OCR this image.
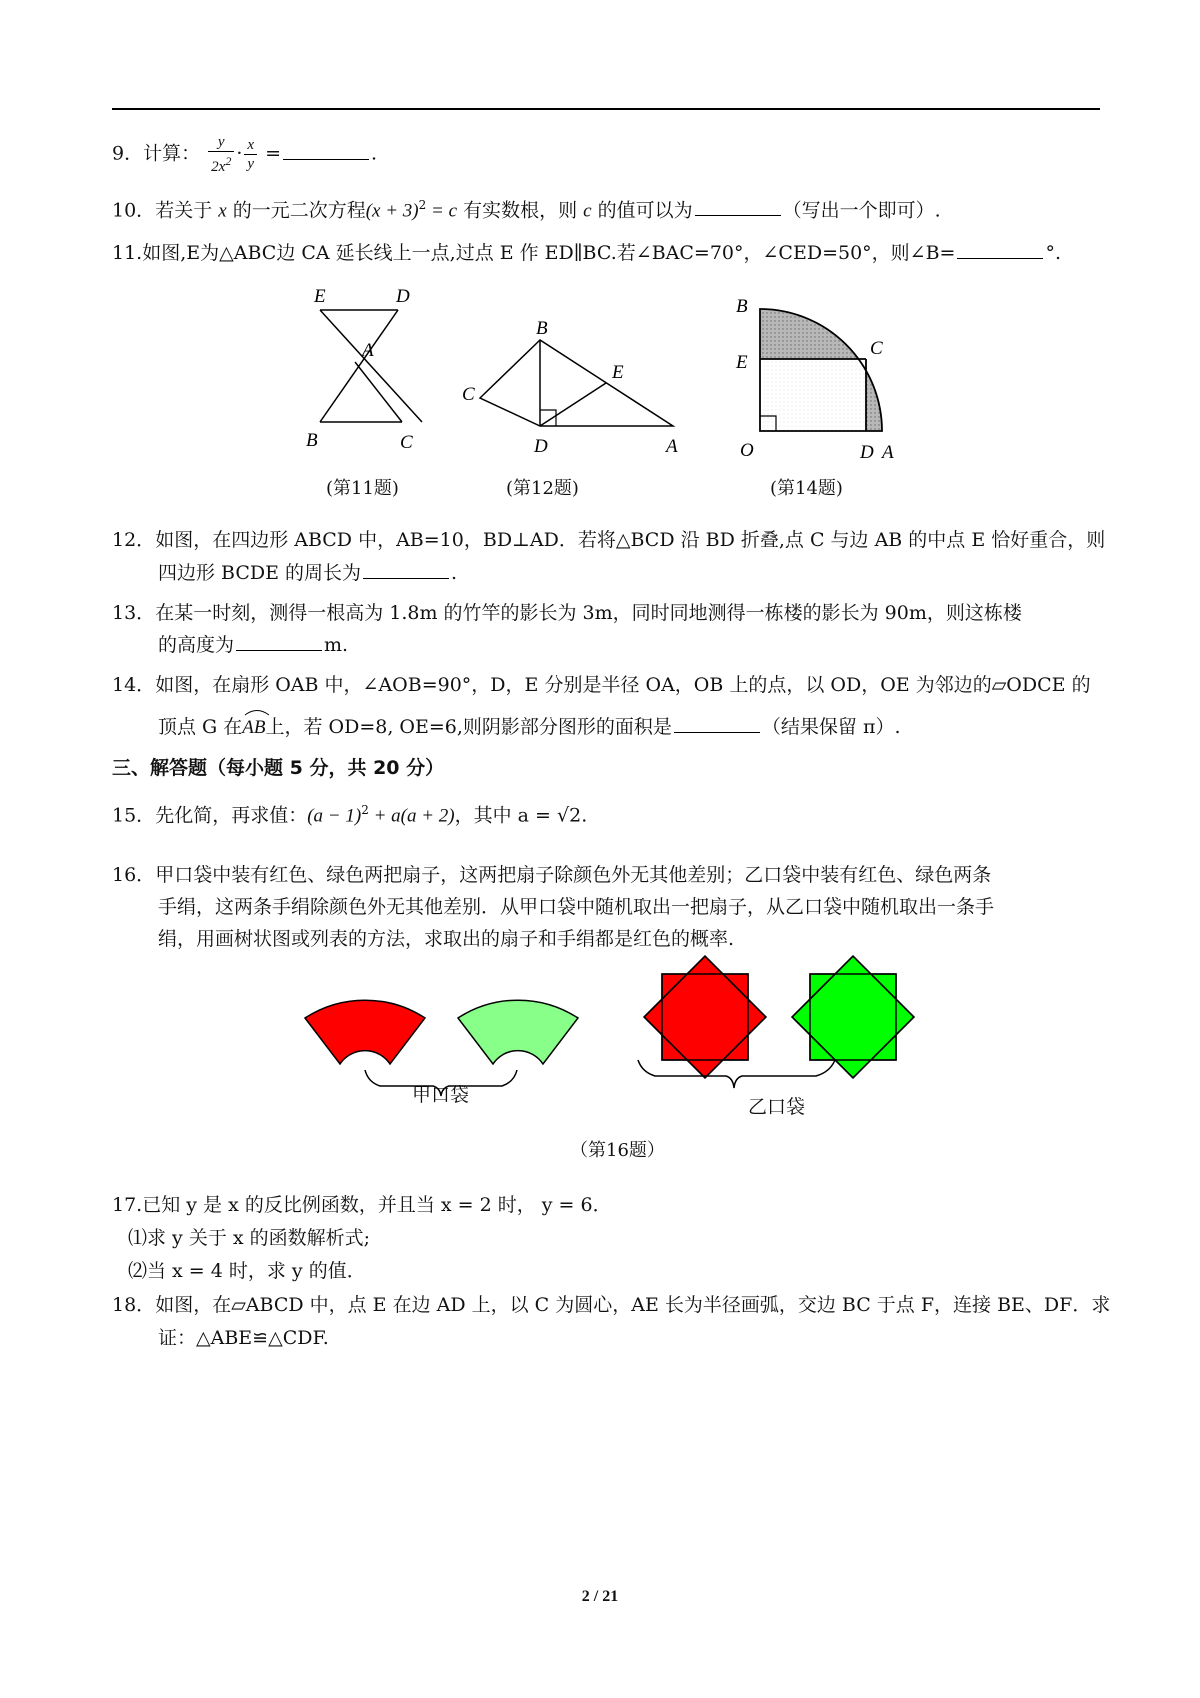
9．计算： $\frac{y}{2x^2} \cdot \frac{x}{y}$ =	.
10．若关于 x 的一元二次方程$(x + 3)^2 = c$ 有实数根，则 c 的值可以为	（写出一个即可）.
11.如图,E为△ABC边 CA 延长线上一点,过点 E 作 ED∥BC.若∠BAC=70°，∠CED=50°，则∠B=	°.
E	D
A
B	C
(第11题)
B
C
E
D	A
(第12题)
B
C
E
O	D A
(第14题)
12．如图，在四边形 ABCD 中，AB=10，BD⊥AD．若将△BCD 沿 BD 折叠,点 C 与边 AB 的中点 E 恰好重合，则
四边形 BCDE 的周长为	.
13．在某一时刻，测得一根高为 1.8m 的竹竿的影长为 3m，同时同地测得一栋楼的影长为 90m，则这栋楼
的高度为	m.
14．如图，在扇形 OAB 中，∠AOB=90°，D，E 分别是半径 OA，OB 上的点，以 OD，OE 为邻边的▱ODCE 的
顶点 G 在
AB上，若 OD=8, OE=6,则阴影部分图形的面积是	（结果保留 π）.
三、解答题（每小题 5 分，共 20 分）
15．先化简，再求值：$(a - 1)^2 + a(a + 2)$，其中 a = √2.
16．甲口袋中装有红色、绿色两把扇子，这两把扇子除颜色外无其他差别；乙口袋中装有红色、绿色两条
手绢，这两条手绢除颜色外无其他差别．从甲口袋中随机取出一把扇子，从乙口袋中随机取出一条手
绢，用画树状图或列表的方法，求取出的扇子和手绢都是红色的概率.
甲口袋
乙口袋
（第16题）
17.已知 y 是 x 的反比例函数，并且当 x = 2 时， y = 6．
⑴求 y 关于 x 的函数解析式;
⑵当 x = 4 时，求 y 的值．
18．如图，在▱ABCD 中，点 E 在边 AD 上，以 C 为圆心，AE 长为半径画弧，交边 BC 于点 F，连接 BE、DF．求
证：△ABE≌△CDF.
2 / 21
